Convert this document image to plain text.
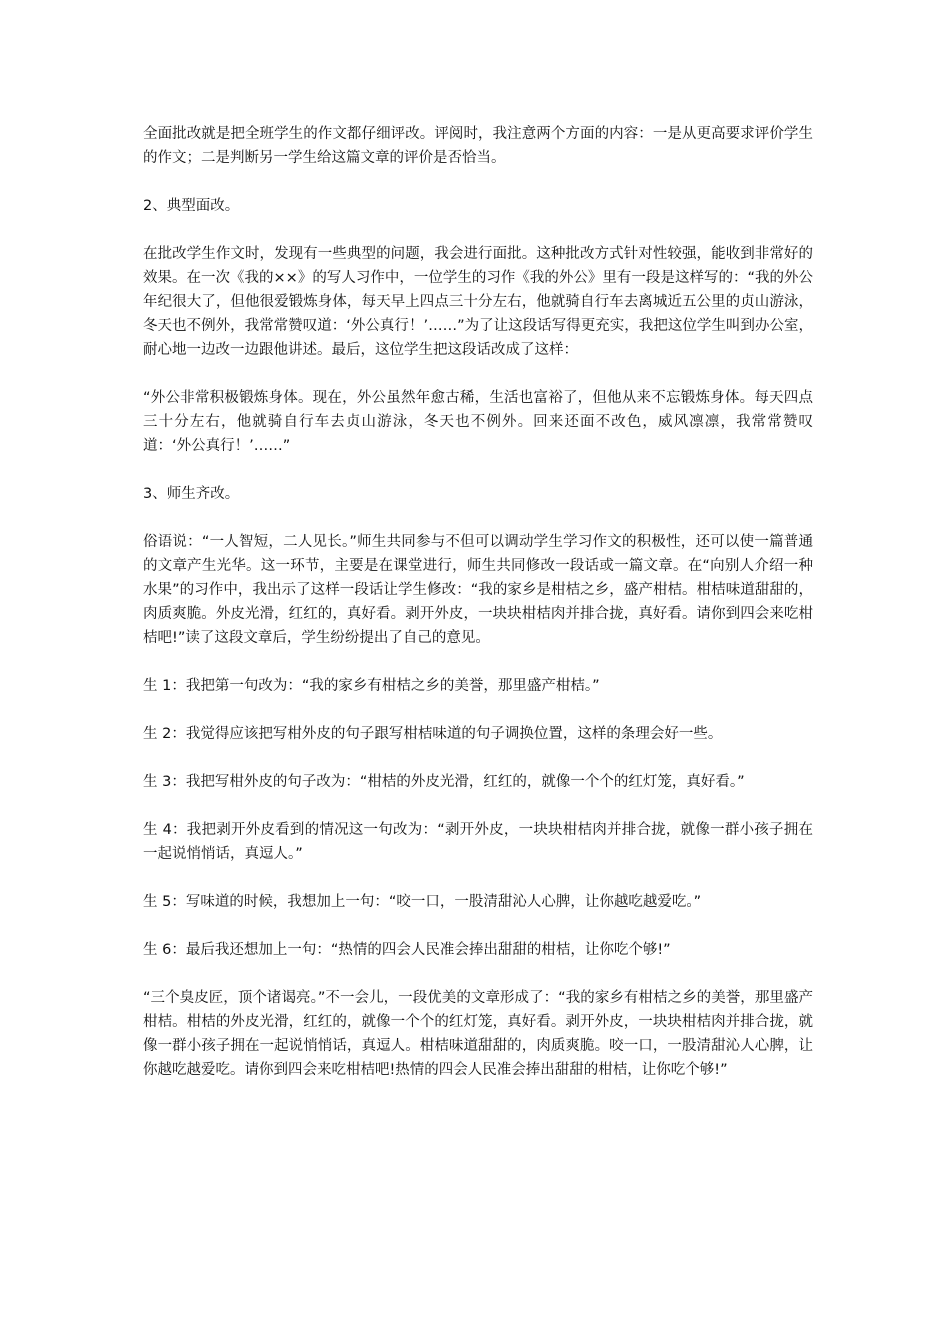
全面批改就是把全班学生的作文都仔细评改。评阅时，我注意两个方面的内容：一是从更高要求评价学生的作文；二是判断另一学生给这篇文章的评价是否恰当。

2、典型面改。

在批改学生作文时，发现有一些典型的问题，我会进行面批。这种批改方式针对性较强，能收到非常好的效果。在一次《我的××》的写人习作中，一位学生的习作《我的外公》里有一段是这样写的：“我的外公年纪很大了，但他很爱锻炼身体，每天早上四点三十分左右，他就骑自行车去离城近五公里的贞山游泳，冬天也不例外，我常常赞叹道：‘外公真行！’……”为了让这段话写得更充实，我把这位学生叫到办公室，耐心地一边改一边跟他讲述。最后，这位学生把这段话改成了这样：

“外公非常积极锻炼身体。现在，外公虽然年愈古稀，生活也富裕了，但他从来不忘锻炼身体。每天四点三十分左右，他就骑自行车去贞山游泳，冬天也不例外。回来还面不改色，威风凛凛，我常常赞叹道：‘外公真行！’……”

3、师生齐改。

俗语说：“一人智短，二人见长。”师生共同参与不但可以调动学生学习作文的积极性，还可以使一篇普通的文章产生光华。这一环节，主要是在课堂进行，师生共同修改一段话或一篇文章。在“向别人介绍一种水果”的习作中，我出示了这样一段话让学生修改：“我的家乡是柑桔之乡，盛产柑桔。柑桔味道甜甜的，肉质爽脆。外皮光滑，红红的，真好看。剥开外皮，一块块柑桔肉并排合拢，真好看。请你到四会来吃柑桔吧!”读了这段文章后，学生纷纷提出了自己的意见。

生 1：我把第一句改为：“我的家乡有柑桔之乡的美誉，那里盛产柑桔。”

生 2：我觉得应该把写柑外皮的句子跟写柑桔味道的句子调换位置，这样的条理会好一些。

生 3：我把写柑外皮的句子改为：“柑桔的外皮光滑，红红的，就像一个个的红灯笼，真好看。”

生 4：我把剥开外皮看到的情况这一句改为：“剥开外皮，一块块柑桔肉并排合拢，就像一群小孩子拥在一起说悄悄话，真逗人。”

生 5：写味道的时候，我想加上一句：“咬一口，一股清甜沁人心脾，让你越吃越爱吃。”

生 6：最后我还想加上一句：“热情的四会人民准会捧出甜甜的柑桔，让你吃个够!”

“三个臭皮匠，顶个诸谒亮。”不一会儿，一段优美的文章形成了：“我的家乡有柑桔之乡的美誉，那里盛产柑桔。柑桔的外皮光滑，红红的，就像一个个的红灯笼，真好看。剥开外皮，一块块柑桔肉并排合拢，就像一群小孩子拥在一起说悄悄话，真逗人。柑桔味道甜甜的，肉质爽脆。咬一口，一股清甜沁人心脾，让你越吃越爱吃。请你到四会来吃柑桔吧!热情的四会人民准会捧出甜甜的柑桔，让你吃个够!”
